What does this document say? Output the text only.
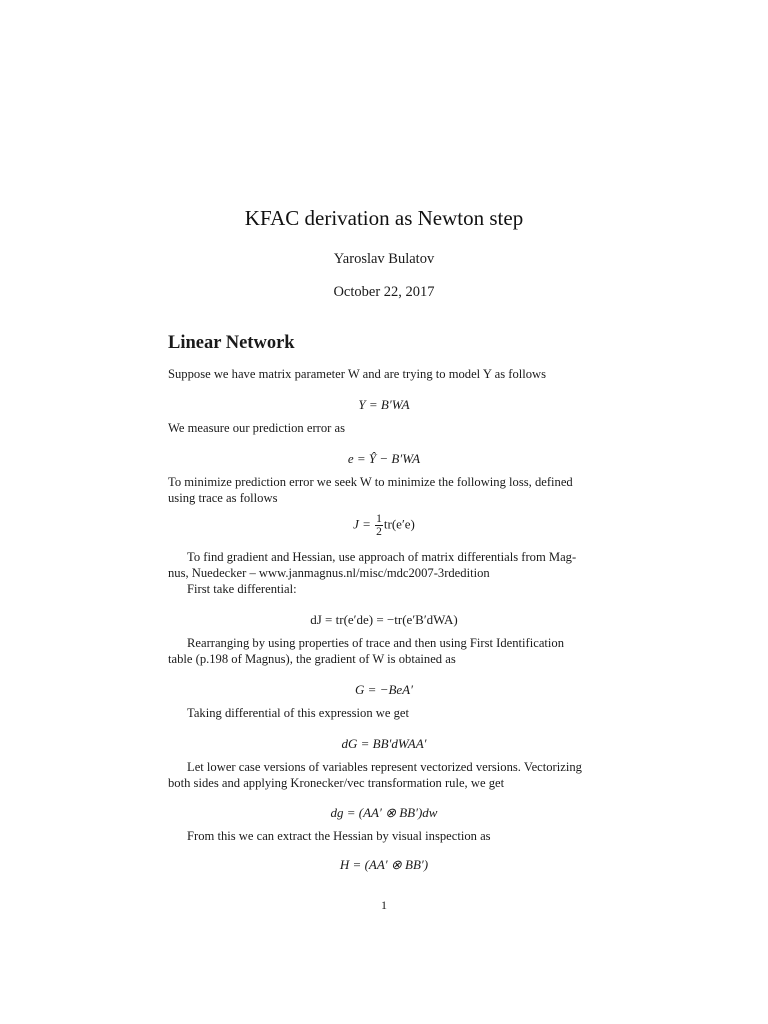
KFAC derivation as Newton step
Yaroslav Bulatov
October 22, 2017
Linear Network
Suppose we have matrix parameter W and are trying to model Y as follows
Y = B′WA
We measure our prediction error as
e = Ŷ − B′WA
To minimize prediction error we seek W to minimize the following loss, defined
using trace as follows
$J = \frac{1}{2} tr(e'e)$
To find gradient and Hessian, use approach of matrix differentials from Mag-
nus, Nuedecker – www.janmagnus.nl/misc/mdc2007-3rdedition
First take differential:
dJ = tr(e′de) = −tr(e′B′dWA)
Rearranging by using properties of trace and then using First Identification
table (p.198 of Magnus), the gradient of W is obtained as
G = −BeA′
Taking differential of this expression we get
dG = BB′dWAA′
Let lower case versions of variables represent vectorized versions. Vectorizing
both sides and applying Kronecker/vec transformation rule, we get
dg = (AA′ ⊗ BB′)dw
From this we can extract the Hessian by visual inspection as
H = (AA′ ⊗ BB′)
1
